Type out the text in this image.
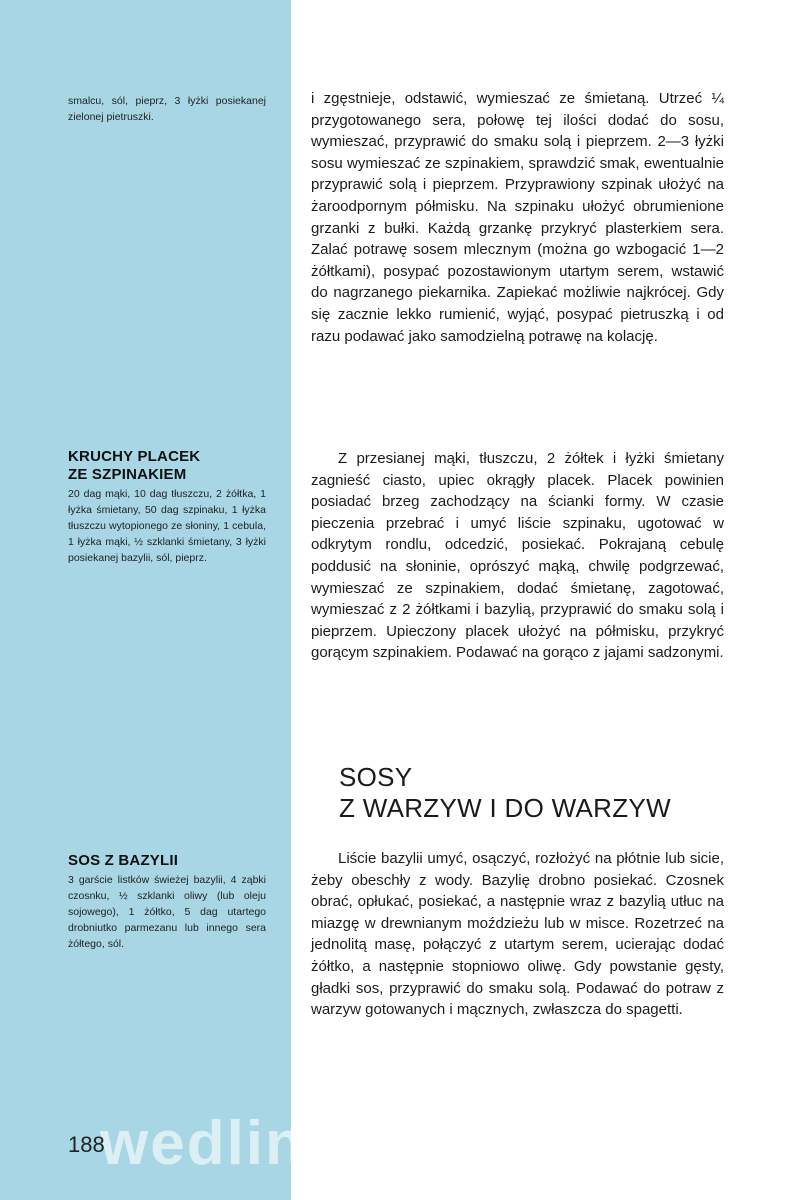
smalcu, sól, pieprz, 3 łyżki posiekanej zielonej pietruszki.

KRUCHY PLACEK
ZE SZPINAKIEM

20 dag mąki, 10 dag tłuszczu, 2 żółtka, 1 łyżka śmietany, 50 dag szpinaku, 1 łyżka tłuszczu wytopionego ze słoniny, 1 cebula, 1 łyżka mąki, ½ szklanki śmietany, 3 łyżki posiekanej bazylii, sól, pieprz.

SOS Z BAZYLII

3 garście listków świeżej bazylii, 4 ząbki czosnku, ½ szklanki oliwy (lub oleju sojowego), 1 żółtko, 5 dag utartego drobniutko parmezanu lub innego sera żółtego, sól.

i zgęstnieje, odstawić, wymieszać ze śmietaną. Utrzeć ¼ przygotowanego sera, połowę tej ilości dodać do sosu, wymieszać, przyprawić do smaku solą i pieprzem. 2—3 łyżki sosu wymieszać ze szpinakiem, sprawdzić smak, ewentualnie przyprawić solą i pieprzem. Przyprawiony szpinak ułożyć na żaroodpornym półmisku. Na szpinaku ułożyć obrumienione grzanki z bułki. Każdą grzankę przykryć plasterkiem sera. Zalać potrawę sosem mlecznym (można go wzbogacić 1—2 żółtkami), posypać pozostawionym utartym serem, wstawić do nagrzanego piekarnika. Zapiekać możliwie najkrócej. Gdy się zacznie lekko rumienić, wyjąć, posypać pietruszką i od razu podawać jako samodzielną potrawę na kolację.

Z przesianej mąki, tłuszczu, 2 żółtek i łyżki śmietany zagnieść ciasto, upiec okrągły placek. Placek powinien posiadać brzeg zachodzący na ścianki formy. W czasie pieczenia przebrać i umyć liście szpinaku, ugotować w odkrytym rondlu, odcedzić, posiekać. Pokrajaną cebulę poddusić na słoninie, oprószyć mąką, chwilę podgrzewać, wymieszać ze szpinakiem, dodać śmietanę, zagotować, wymieszać z 2 żółtkami i bazylią, przyprawić do smaku solą i pieprzem. Upieczony placek ułożyć na półmisku, przykryć gorącym szpinakiem. Podawać na gorąco z jajami sadzonymi.

SOSY
Z WARZYW I DO WARZYW

Liście bazylii umyć, osączyć, rozłożyć na płótnie lub sicie, żeby obeschły z wody. Bazylię drobno posiekać. Czosnek obrać, opłukać, posiekać, a następnie wraz z bazylią utłuc na miazgę w drewnianym moździeżu lub w misce. Rozetrzeć na jednolitą masę, połączyć z utartym serem, ucierając dodać żółtko, a następnie stopniowo oliwę. Gdy powstanie gęsty, gładki sos, przyprawić do smaku solą. Podawać do potraw z warzyw gotowanych i mącznych, zwłaszcza do spagetti.

wedlinydomowe.pl
188
